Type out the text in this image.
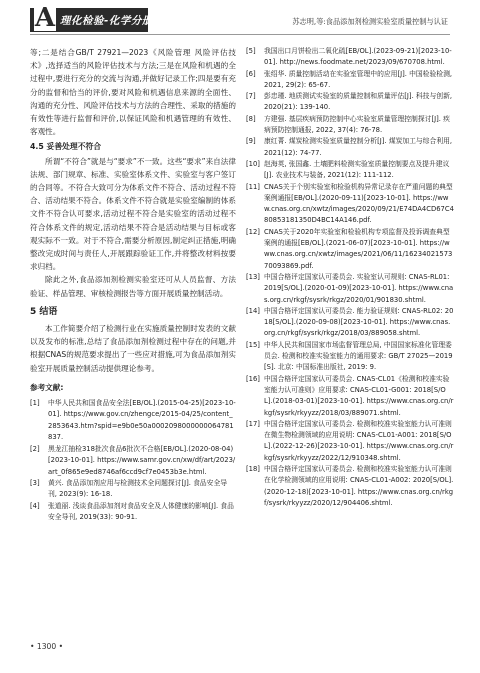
A 理化检验-化学分册	苏志明,等:食品添加剂检测实验室质量控制与认证

等;二是结合GB/T 27921—2023《风险管理 风险评估技术》,选择适当的风险评估技术与方法;三是在风险和机遇的全过程中,要进行充分的交流与沟通,并做好记录工作;四是要有充分的监督和恰当的评价,要对风险和机遇信息来源的全面性、沟通的充分性、风险评估技术与方法的合理性、采取的措施的有效性等进行监督和评价,以保证风险和机遇管理的有效性、客观性。

4.5 妥善处理不符合

所谓“不符合”就是与“要求”不一致。这些“要求”来自法律法规、部门规章、标准、实验室体系文件、实验室与客户签订的合同等。不符合大致可分为体系文件不符合、活动过程不符合、活动结果不符合。体系文件不符合就是实验室编制的体系文件不符合认可要求,活动过程不符合是实验室的活动过程不符合体系文件的规定,活动结果不符合是活动结果与目标或客观实际不一致。对于不符合,需要分析原因,制定纠正措施,明确整改完成时间与责任人,开展跟踪验证工作,并将整改材料按要求归档。

除此之外,食品添加剂检测实验室还可从人员监督、方法验证、样品管理、审核检测报告等方面开展质量控制活动。

5 结语

本工作简要介绍了检测行业在实施质量控制时发表的文献以及发布的标准,总结了食品添加剂检测过程中存在的问题,并根据CNAS的规范要求提出了一些应对措施,可为食品添加剂实验室开展质量控制活动提供理论参考。

参考文献:
[1]	中华人民共和国食品安全法[EB/OL].(2015-04-25)[2023-10-01]. https://www.gov.cn/zhengce/2015-04/25/content_2853643.htm?spid=e9b0e50a0002098000000064781837.
[2]	黑龙江抽检318批次食品6批次不合格[EB/OL].(2020-08-04)[2023-10-01]. https://www.samr.gov.cn/xw/df/art/2023/art_0f865e9ed8746af6ccd9cf7e0453b3e.html.
[3]	黄兴. 食品添加剂应用与检测技术全问题探讨[J]. 食品安全导刊, 2023(9): 16-18.
[4]	张道丽. 浅谈食品添加剂对食品安全及人体健康的影响[J]. 食品安全导刊, 2019(33): 90-91.
[5]	我国出口月饼检出二氧化硫[EB/OL].(2023-09-21)[2023-10-01]. http://news.foodmate.net/2023/09/670708.html.
[6]	张绍华. 质量控制活动在实验室管理中的应用[J]. 中国检验检测, 2021, 29(2): 65-67.
[7]	彭忠瑾. 地质测试实验室的质量控制和质量评估[J]. 科技与创新, 2020(21): 139-140.
[8]	方建强. 基层疾病预防控制中心实验室质量管理控制探讨[J]. 疾病预防控制通报, 2022, 37(4): 76-78.
[9]	康红菁. 煤炭检测实验室质量控制分析[J]. 煤炭加工与综合利用, 2021(12): 74-77.
[10] 赵海英, 张国鑫. 土壤肥料检测实验室质量控制要点及提升建议[J]. 农业技术与装备, 2021(12): 111-112.
[11] CNAS关于个别实验室和检验机构异常记录存在严重问题的典型案例通报[EB/OL].(2020-09-11)[2023-10-01]. https://www.cnas.org.cn/xwtz/images/2020/09/21/E74DA4CD67C480853181350D4BC14A146.pdf.
[12] CNAS关于2020年实验室和检验机构专项监督及投诉调查典型案例的通报[EB/OL].(2021-06-07)[2023-10-01]. https://www.cnas.org.cn/xwtz/images/2021/06/11/1623402157370093869.pdf.
[13] 中国合格评定国家认可委员会. 实验室认可规则: CNAS-RL01: 2019[S/OL].(2020-01-09)[2023-10-01]. https://www.cnas.org.cn/rkgf/sysrk/rkgz/2020/01/901830.shtml.
[14] 中国合格评定国家认可委员会. 能力验证规则: CNAS-RL02: 2018[S/OL].(2020-09-08)[2023-10-01]. https://www.cnas.org.cn/rkgf/sysrk/rkgz/2018/03/889058.shtml.
[15] 中华人民共和国国家市场监督管理总局, 中国国家标准化管理委员会. 检测和校准实验室能力的通用要求: GB/T 27025—2019[S]. 北京: 中国标准出版社, 2019: 9.
[16] 中国合格评定国家认可委员会. CNAS-CL01《检测和校准实验室能力认可准则》应用要求: CNAS-CL01-G001: 2018[S/OL].(2018-03-01)[2023-10-01]. https://www.cnas.org.cn/rkgf/sysrk/rkyyzz/2018/03/889071.shtml.
[17] 中国合格评定国家认可委员会. 检测和校准实验室能力认可准则在微生物检测领域的应用说明: CNAS-CL01-A001: 2018[S/OL].(2022-12-26)[2023-10-01]. https://www.cnas.org.cn/rkgf/sysrk/rkyyzz/2022/12/910348.shtml.
[18] 中国合格评定国家认可委员会. 检测和校准实验室能力认可准则在化学检测领域的应用说明: CNAS-CL01-A002: 2020[S/OL].(2020-12-18)[2023-10-01]. https://www.cnas.org.cn/rkgf/sysrk/rkyyzz/2020/12/904406.shtml.
• 1300 •
